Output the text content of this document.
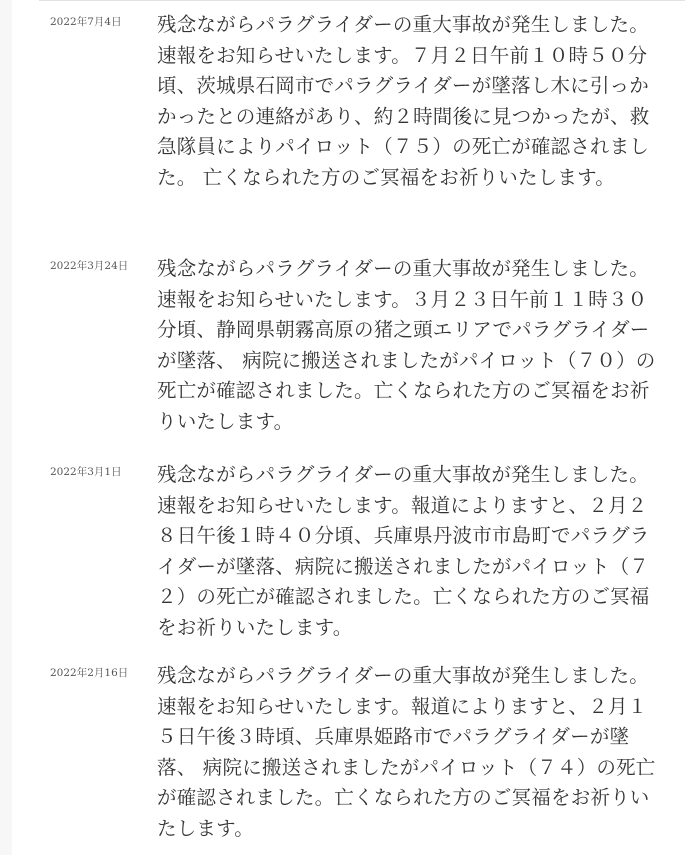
2022年7月4日 残念ながらパラグライダーの重大事故が発生しました。速報をお知らせいたします。７月２日午前１０時５０分頃、茨城県石岡市でパラグライダーが墜落し木に引っかかったとの連絡があり、約２時間後に見つかったが、救急隊員によりパイロット（７５）の死亡が確認されました。 亡くなられた方のご冥福をお祈りいたします。

2022年3月24日 残念ながらパラグライダーの重大事故が発生しました。速報をお知らせいたします。３月２３日午前１１時３０分頃、静岡県朝霧高原の猪之頭エリアでパラグライダーが墜落、 病院に搬送されましたがパイロット（７０）の死亡が確認されました。亡くなられた方のご冥福をお祈りいたします。

2022年3月1日 残念ながらパラグライダーの重大事故が発生しました。速報をお知らせいたします。報道によりますと、２月２８日午後１時４０分頃、兵庫県丹波市市島町でパラグライダーが墜落、病院に搬送されましたがパイロット（７２）の死亡が確認されました。亡くなられた方のご冥福をお祈りいたします。

2022年2月16日 残念ながらパラグライダーの重大事故が発生しました。速報をお知らせいたします。報道によりますと、２月１５日午後３時頃、兵庫県姫路市でパラグライダーが墜落、 病院に搬送されましたがパイロット（７４）の死亡が確認されました。亡くなられた方のご冥福をお祈りいたします。
